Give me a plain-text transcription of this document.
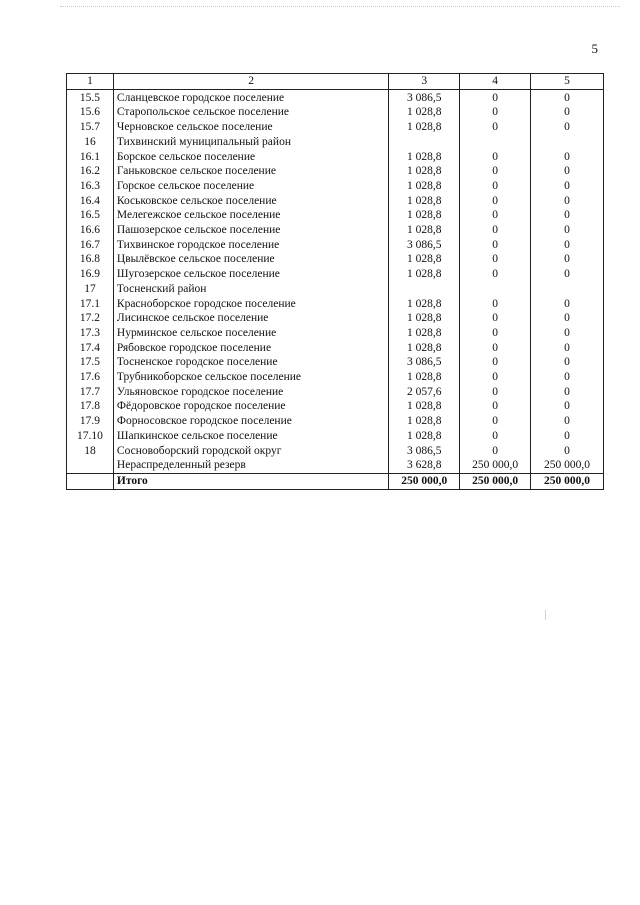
5
1	2	3	4	5
15.5	Сланцевское городское поселение	3 086,5	0	0
15.6	Старопольское сельское поселение	1 028,8	0	0
15.7	Черновское сельское поселение	1 028,8	0	0
16	Тихвинский муниципальный район			
16.1	Борское сельское поселение	1 028,8	0	0
16.2	Ганьковское сельское поселение	1 028,8	0	0
16.3	Горское сельское поселение	1 028,8	0	0
16.4	Коськовское сельское поселение	1 028,8	0	0
16.5	Мелегежское сельское поселение	1 028,8	0	0
16.6	Пашозерское сельское поселение	1 028,8	0	0
16.7	Тихвинское городское поселение	3 086,5	0	0
16.8	Цвылёвское сельское поселение	1 028,8	0	0
16.9	Шугозерское сельское поселение	1 028,8	0	0
17	Тосненский район			
17.1	Красноборское городское поселение	1 028,8	0	0
17.2	Лисинское сельское поселение	1 028,8	0	0
17.3	Нурминское сельское поселение	1 028,8	0	0
17.4	Рябовское городское поселение	1 028,8	0	0
17.5	Тосненское городское поселение	3 086,5	0	0
17.6	Трубникоборское сельское поселение	1 028,8	0	0
17.7	Ульяновское городское поселение	2 057,6	0	0
17.8	Фёдоровское городское поселение	1 028,8	0	0
17.9	Форносовское городское поселение	1 028,8	0	0
17.10	Шапкинское сельское поселение	1 028,8	0	0
18	Сосновоборский городской округ	3 086,5	0	0
	Нераспределенный резерв	3 628,8	250 000,0	250 000,0
	Итого	250 000,0	250 000,0	250 000,0
